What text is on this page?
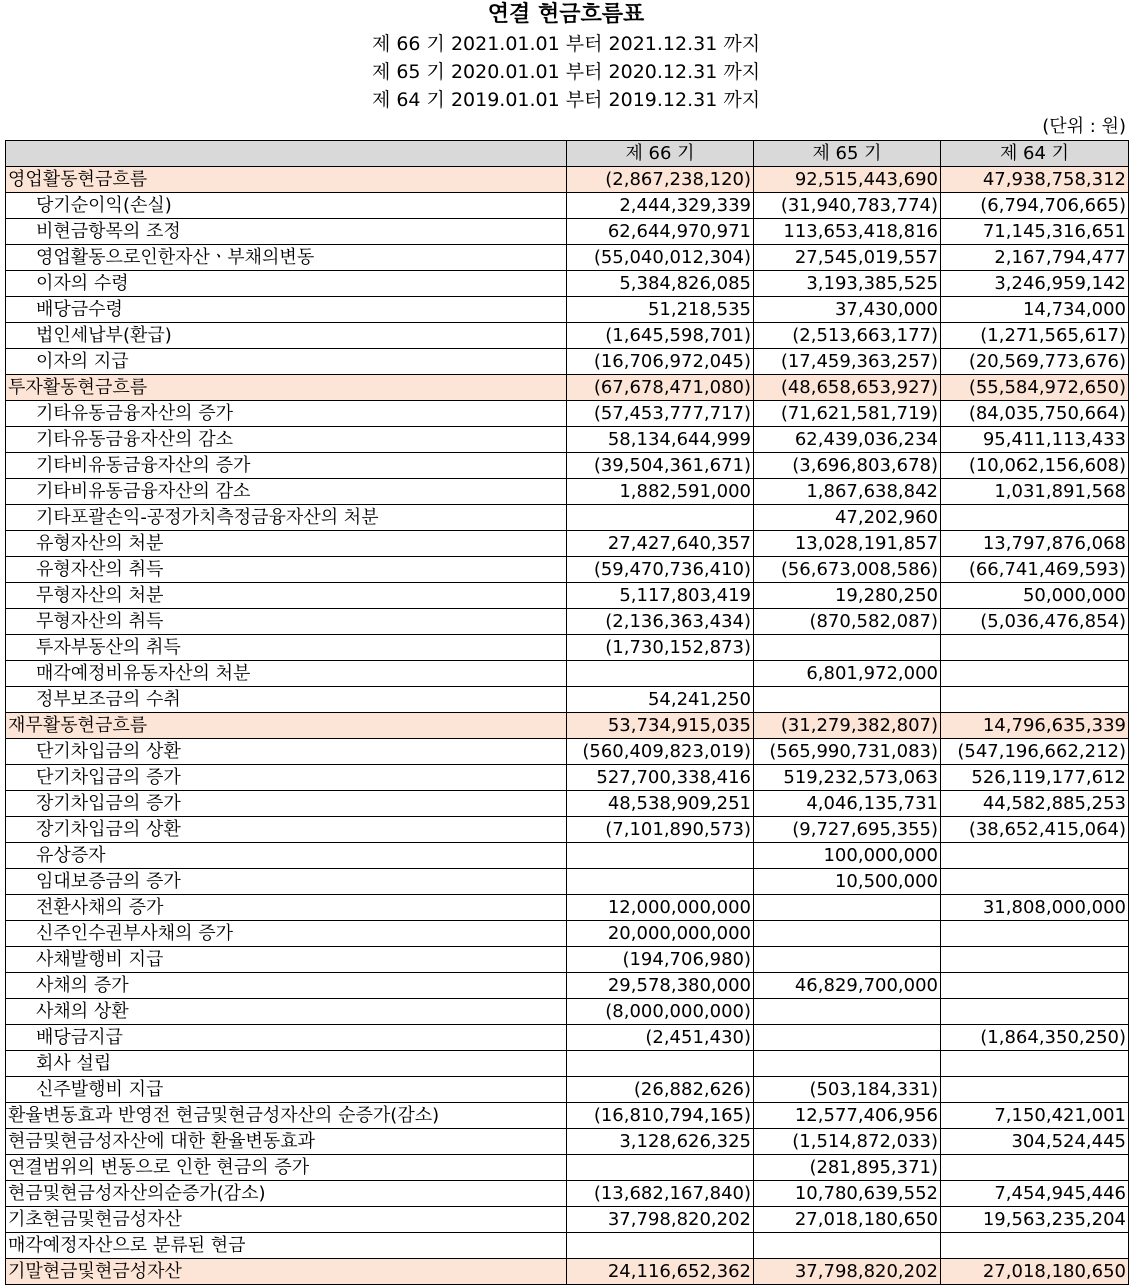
연결 현금흐름표
제 66 기 2021.01.01 부터 2021.12.31 까지
제 65 기 2020.01.01 부터 2020.12.31 까지
제 64 기 2019.01.01 부터 2019.12.31 까지
(단위 : 원)
	제 66 기	제 65 기	제 64 기
영업활동현금흐름	(2,867,238,120)	92,515,443,690	47,938,758,312
당기순이익(손실)	2,444,329,339	(31,940,783,774)	(6,794,706,665)
비현금항목의 조정	62,644,970,971	113,653,418,816	71,145,316,651
영업활동으로인한자산ㆍ부채의변동	(55,040,012,304)	27,545,019,557	2,167,794,477
이자의 수령	5,384,826,085	3,193,385,525	3,246,959,142
배당금수령	51,218,535	37,430,000	14,734,000
법인세납부(환급)	(1,645,598,701)	(2,513,663,177)	(1,271,565,617)
이자의 지급	(16,706,972,045)	(17,459,363,257)	(20,569,773,676)
투자활동현금흐름	(67,678,471,080)	(48,658,653,927)	(55,584,972,650)
기타유동금융자산의 증가	(57,453,777,717)	(71,621,581,719)	(84,035,750,664)
기타유동금융자산의 감소	58,134,644,999	62,439,036,234	95,411,113,433
기타비유동금융자산의 증가	(39,504,361,671)	(3,696,803,678)	(10,062,156,608)
기타비유동금융자산의 감소	1,882,591,000	1,867,638,842	1,031,891,568
기타포괄손익-공정가치측정금융자산의 처분		47,202,960	
유형자산의 처분	27,427,640,357	13,028,191,857	13,797,876,068
유형자산의 취득	(59,470,736,410)	(56,673,008,586)	(66,741,469,593)
무형자산의 처분	5,117,803,419	19,280,250	50,000,000
무형자산의 취득	(2,136,363,434)	(870,582,087)	(5,036,476,854)
투자부동산의 취득	(1,730,152,873)		
매각예정비유동자산의 처분		6,801,972,000	
정부보조금의 수취	54,241,250		
재무활동현금흐름	53,734,915,035	(31,279,382,807)	14,796,635,339
단기차입금의 상환	(560,409,823,019)	(565,990,731,083)	(547,196,662,212)
단기차입금의 증가	527,700,338,416	519,232,573,063	526,119,177,612
장기차입금의 증가	48,538,909,251	4,046,135,731	44,582,885,253
장기차입금의 상환	(7,101,890,573)	(9,727,695,355)	(38,652,415,064)
유상증자		100,000,000	
임대보증금의 증가		10,500,000	
전환사채의 증가	12,000,000,000		31,808,000,000
신주인수권부사채의 증가	20,000,000,000		
사채발행비 지급	(194,706,980)		
사채의 증가	29,578,380,000	46,829,700,000	
사채의 상환	(8,000,000,000)		
배당금지급	(2,451,430)		(1,864,350,250)
회사 설립			
신주발행비 지급	(26,882,626)	(503,184,331)	
환율변동효과 반영전 현금및현금성자산의 순증가(감소)	(16,810,794,165)	12,577,406,956	7,150,421,001
현금및현금성자산에 대한 환율변동효과	3,128,626,325	(1,514,872,033)	304,524,445
연결범위의 변동으로 인한 현금의 증가		(281,895,371)	
현금및현금성자산의순증가(감소)	(13,682,167,840)	10,780,639,552	7,454,945,446
기초현금및현금성자산	37,798,820,202	27,018,180,650	19,563,235,204
매각예정자산으로 분류된 현금			
기말현금및현금성자산	24,116,652,362	37,798,820,202	27,018,180,650
